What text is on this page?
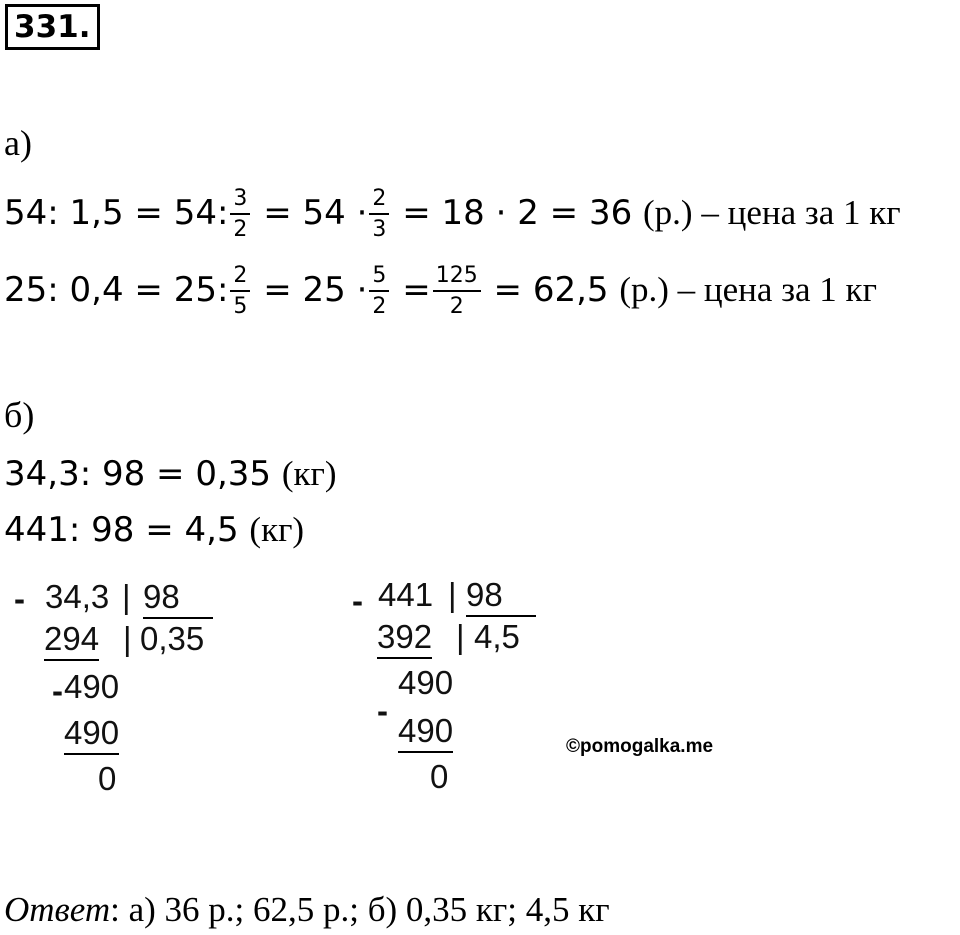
331.
а)
54: 1,5 = 54: $\frac{3}{2} = 54 \cdot \frac{2}{3} = 18 \cdot 2 = 36$ (р.) – цена за 1 кг
25: 0,4 = 25: $\frac{2}{5} = 25 \cdot \frac{5}{2} = \frac{125}{2} = 62,5$ (р.) – цена за 1 кг
б)
34,3: 98 = 0,35 (кг)
441: 98 = 4,5 (кг)
- 34,3 | 98
294 | 0,35
- 490
490
0
- 441 | 98
392 | 4,5
490
-
490
0
©pomogalka.me
Ответ: а) 36 р.; 62,5 р.; б) 0,35 кг; 4,5 кг
